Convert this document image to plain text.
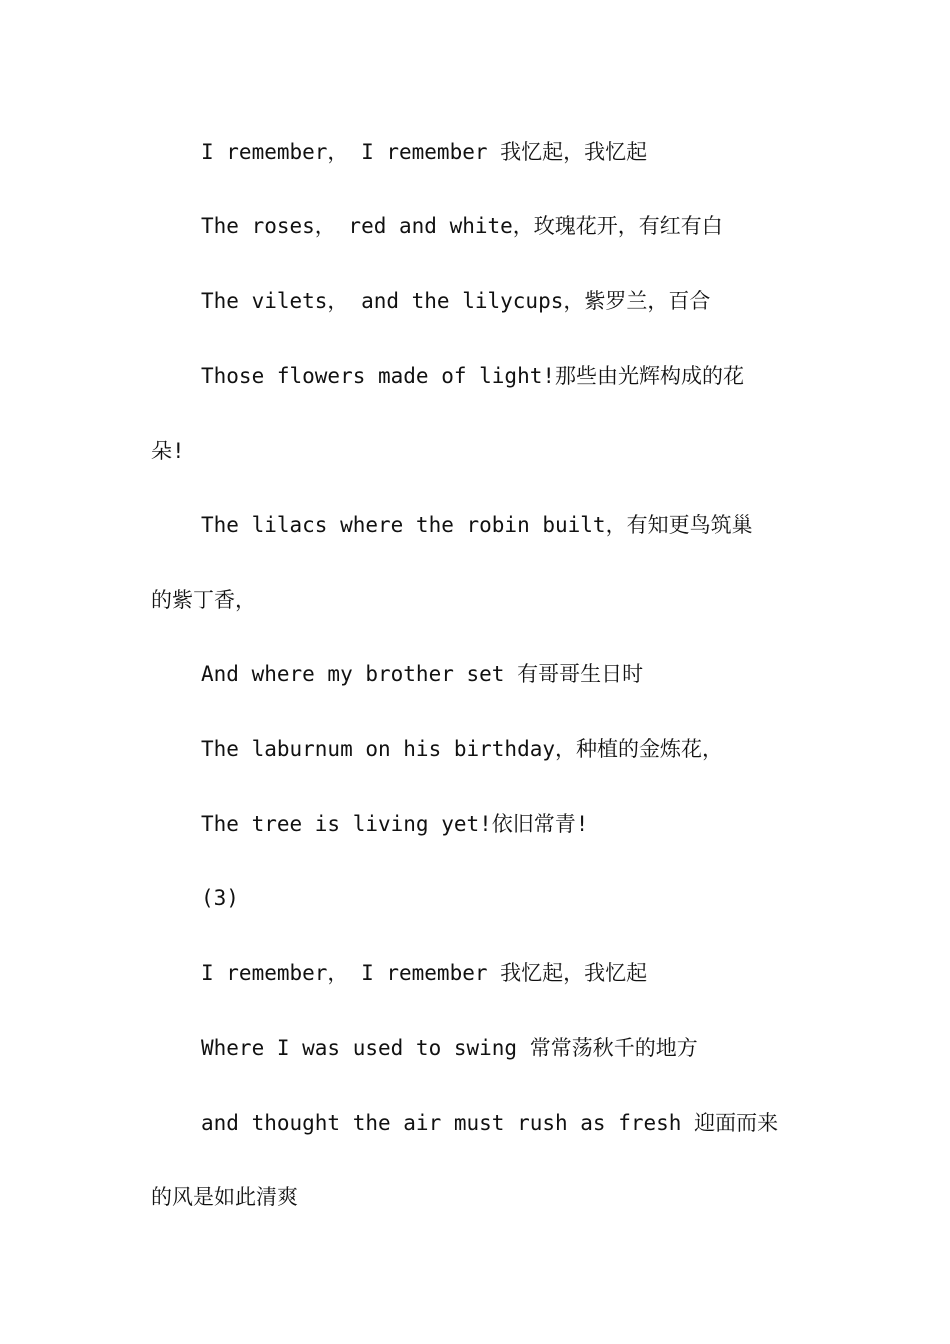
I remember， I remember 我忆起，我忆起

The roses， red and white，玫瑰花开，有红有白

The vilets， and the lilycups，紫罗兰，百合

Those flowers made of light!那些由光辉构成的花

朵!

The lilacs where the robin built，有知更鸟筑巢

的紫丁香，

And where my brother set 有哥哥生日时

The laburnum on his birthday，种植的金炼花，

The tree is living yet!依旧常青!

(3)

I remember， I remember 我忆起，我忆起

Where I was used to swing 常常荡秋千的地方

and thought the air must rush as fresh 迎面而来

的风是如此清爽
